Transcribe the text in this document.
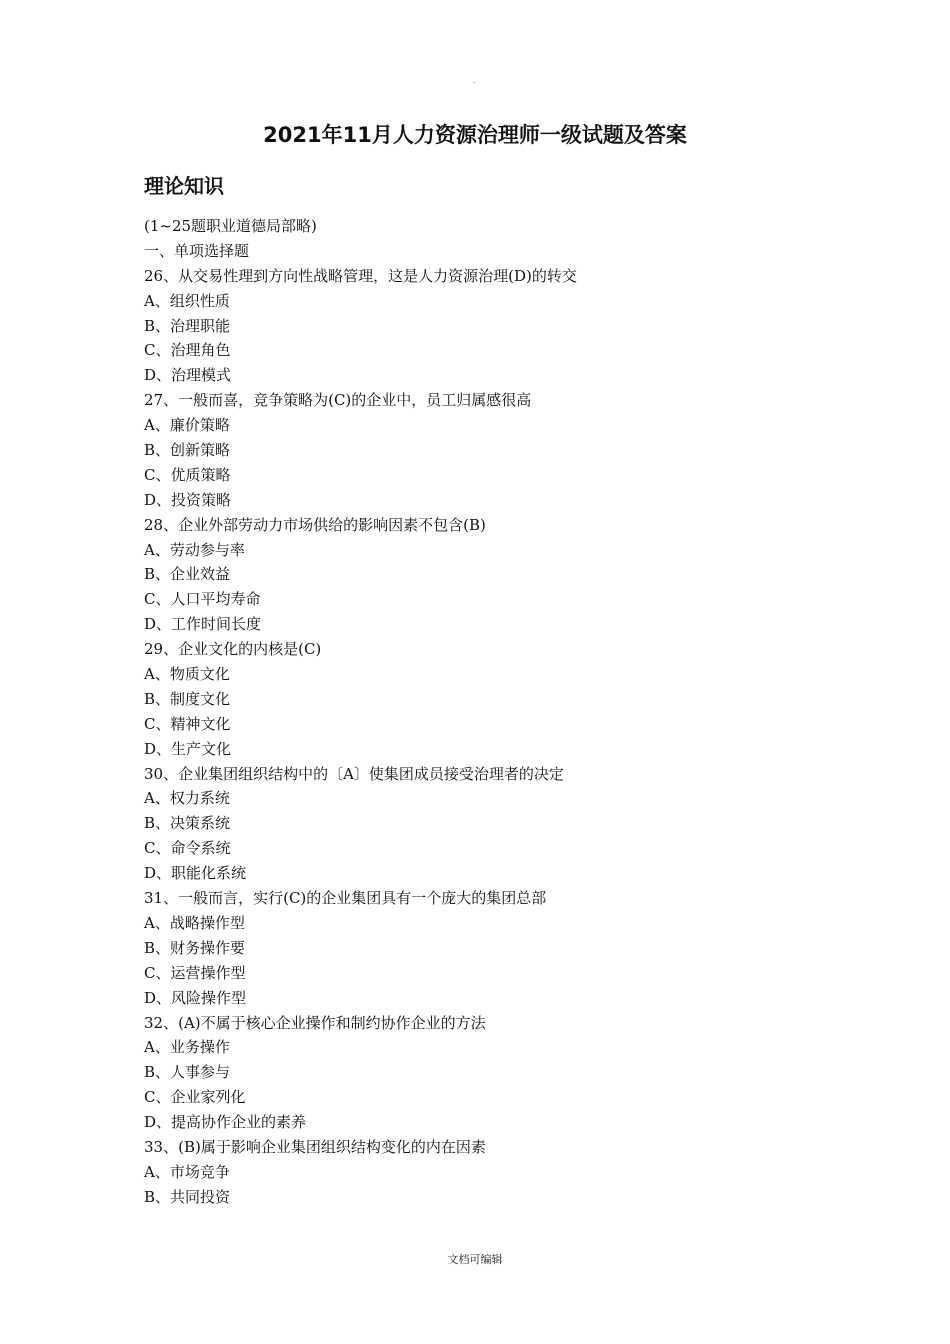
.
2021年11月人力资源治理师一级试题及答案
理论知识
(1~25题职业道德局部略)
一、单项选择题
26、从交易性理到方向性战略管理，这是人力资源治理(D)的转交
A、组织性质
B、治理职能
C、治理角色
D、治理模式
27、一般而喜，竞争策略为(C)的企业中，员工归属感很高
A、廉价策略
B、创新策略
C、优质策略
D、投资策略
28、企业外部劳动力市场供给的影响因素不包含(B)
A、劳动参与率
B、企业效益
C、人口平均寿命
D、工作时间长度
29、企业文化的内核是(C)
A、物质文化
B、制度文化
C、精神文化
D、生产文化
30、企业集团组织结构中的〔A〕使集团成员接受治理者的决定
A、权力系统
B、决策系统
C、命令系统
D、职能化系统
31、一般而言，实行(C)的企业集团具有一个庞大的集团总部
A、战略操作型
B、财务操作要
C、运营操作型
D、风险操作型
32、(A)不属于核心企业操作和制约协作企业的方法
A、业务操作
B、人事参与
C、企业家列化
D、提高协作企业的素养
33、(B)属于影响企业集团组织结构变化的内在因素
A、市场竞争
B、共同投资
文档可编辑
